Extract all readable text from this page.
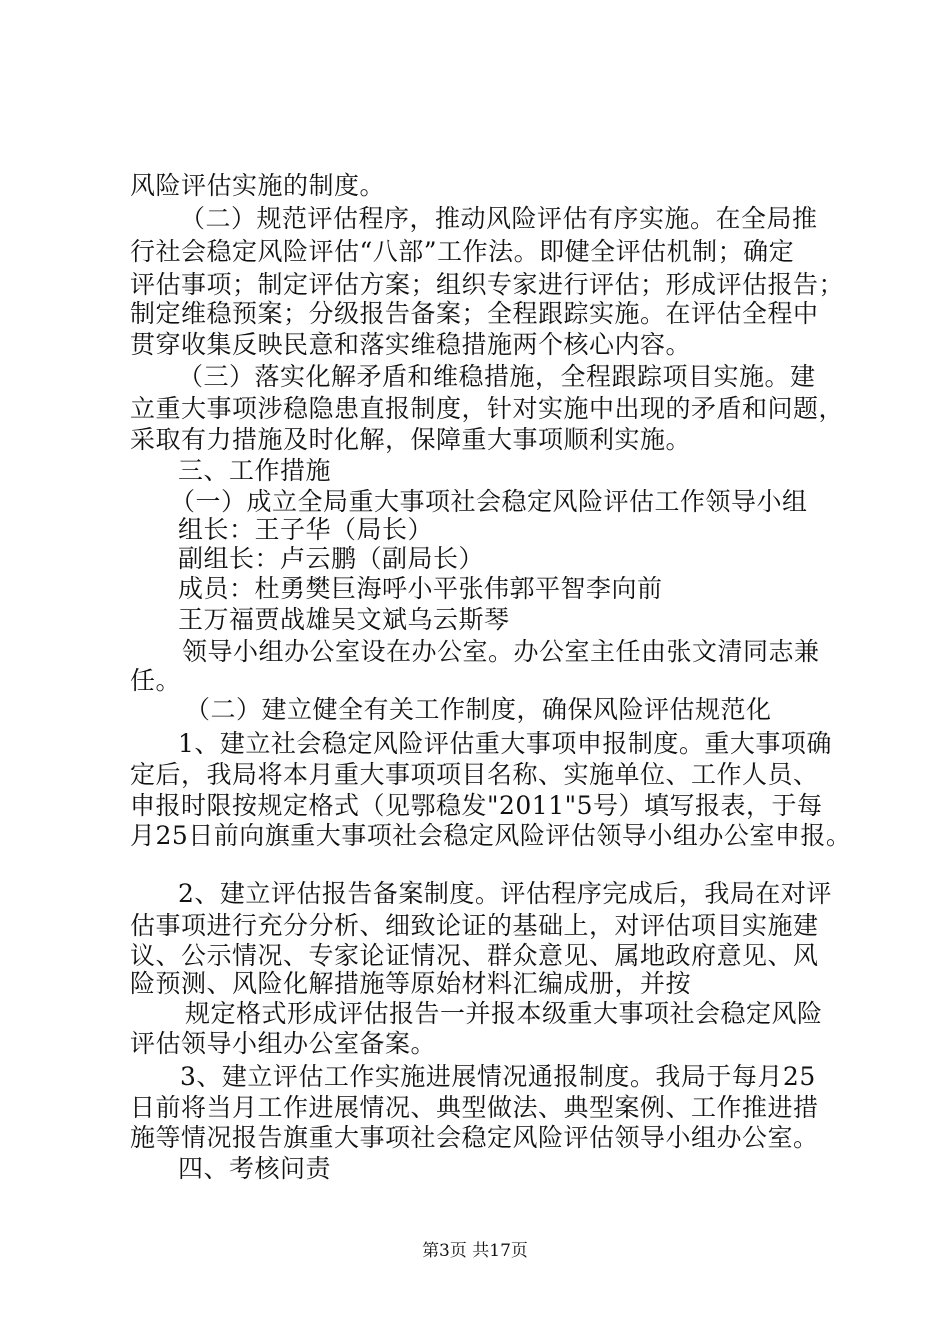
风险评估实施的制度。
（二）规范评估程序，推动风险评估有序实施。在全局推
行社会稳定风险评估“八部”工作法。即健全评估机制；确定
评估事项；制定评估方案；组织专家进行评估；形成评估报告；
制定维稳预案；分级报告备案；全程跟踪实施。在评估全程中
贯穿收集反映民意和落实维稳措施两个核心内容。
（三）落实化解矛盾和维稳措施，全程跟踪项目实施。建
立重大事项涉稳隐患直报制度，针对实施中出现的矛盾和问题，
采取有力措施及时化解，保障重大事项顺利实施。
三、工作措施
（一）成立全局重大事项社会稳定风险评估工作领导小组
组长：王子华（局长）
副组长：卢云鹏（副局长）
成员：杜勇樊巨海呼小平张伟郭平智李向前
王万福贾战雄吴文斌乌云斯琴
领导小组办公室设在办公室。办公室主任由张文清同志兼
任。
（二）建立健全有关工作制度，确保风险评估规范化
1、建立社会稳定风险评估重大事项申报制度。重大事项确
定后，我局将本月重大事项项目名称、实施单位、工作人员、
申报时限按规定格式（见鄂稳发"2011"5号）填写报表，于每
月25日前向旗重大事项社会稳定风险评估领导小组办公室申报。
2、建立评估报告备案制度。评估程序完成后，我局在对评
估事项进行充分分析、细致论证的基础上，对评估项目实施建
议、公示情况、专家论证情况、群众意见、属地政府意见、风
险预测、风险化解措施等原始材料汇编成册，并按
规定格式形成评估报告一并报本级重大事项社会稳定风险
评估领导小组办公室备案。
3、建立评估工作实施进展情况通报制度。我局于每月25
日前将当月工作进展情况、典型做法、典型案例、工作推进措
施等情况报告旗重大事项社会稳定风险评估领导小组办公室。
四、考核问责
第3页 共17页
